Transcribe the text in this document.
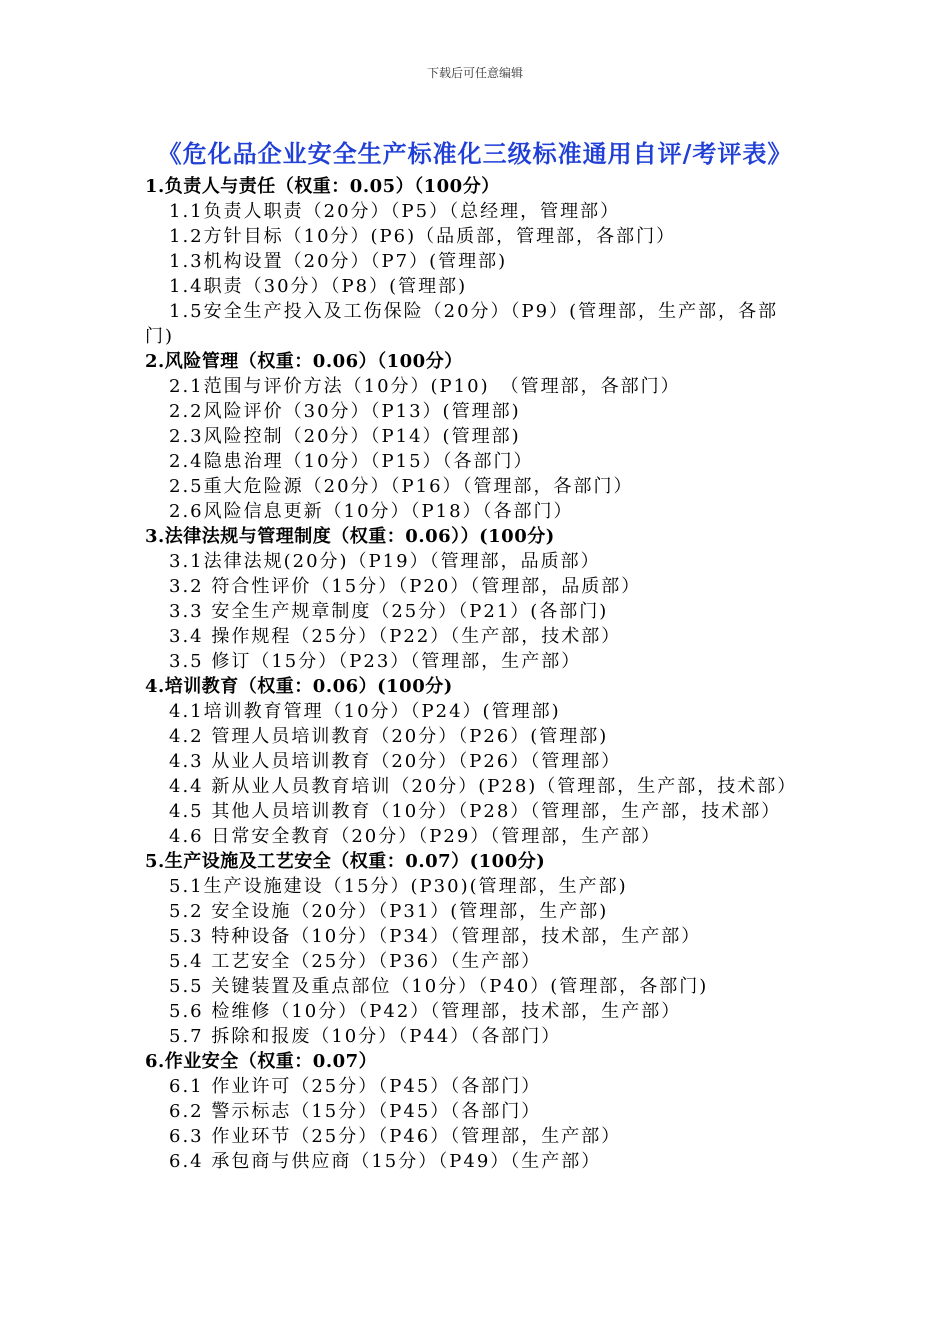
下载后可任意编辑
《危化品企业安全生产标准化三级标准通用自评/考评表》
1.负责人与责任（权重：0.05）（100分）
1.1负责人职责（20分）（P5）（总经理，管理部）
1.2方针目标（10分）(P6)（品质部，管理部，各部门）
1.3机构设置（20分）（P7）(管理部)
1.4职责（30分）（P8）(管理部)
1.5安全生产投入及工伤保险（20分）（P9）(管理部，生产部，各部门)
2.风险管理（权重：0.06）（100分）
2.1范围与评价方法（10分）(P10)　（管理部，各部门）
2.2风险评价（30分）（P13）(管理部)
2.3风险控制（20分）（P14）(管理部)
2.4隐患治理（10分）（P15）（各部门）
2.5重大危险源（20分）（P16）（管理部，各部门）
2.6风险信息更新（10分）（P18）（各部门）
3.法律法规与管理制度（权重：0.06））(100分)
3.1法律法规(20分)（P19）（管理部，品质部）
3.2 符合性评价（15分）（P20）（管理部，品质部）
3.3 安全生产规章制度（25分）（P21）(各部门)
3.4 操作规程（25分）（P22）（生产部，技术部）
3.5 修订（15分）（P23）（管理部，生产部）
4.培训教育（权重：0.06）(100分)
4.1培训教育管理（10分）（P24）(管理部)
4.2 管理人员培训教育（20分）（P26）(管理部)
4.3 从业人员培训教育（20分）（P26）（管理部）
4.4 新从业人员教育培训（20分）(P28)（管理部，生产部，技术部）
4.5 其他人员培训教育（10分）（P28）（管理部，生产部，技术部）
4.6 日常安全教育（20分）（P29）（管理部，生产部）
5.生产设施及工艺安全（权重：0.07）(100分)
5.1生产设施建设（15分）(P30)(管理部，生产部)
5.2 安全设施（20分）（P31）(管理部，生产部)
5.3 特种设备（10分）（P34）（管理部，技术部，生产部）
5.4 工艺安全（25分）（P36）（生产部）
5.5 关键装置及重点部位（10分）（P40）(管理部，各部门)
5.6 检维修（10分）（P42）（管理部，技术部，生产部）
5.7 拆除和报废（10分）（P44）（各部门）
6.作业安全（权重：0.07）
6.1 作业许可（25分）（P45）（各部门）
6.2 警示标志（15分）（P45）（各部门）
6.3 作业环节（25分）（P46）（管理部，生产部）
6.4 承包商与供应商（15分）（P49）（生产部）
